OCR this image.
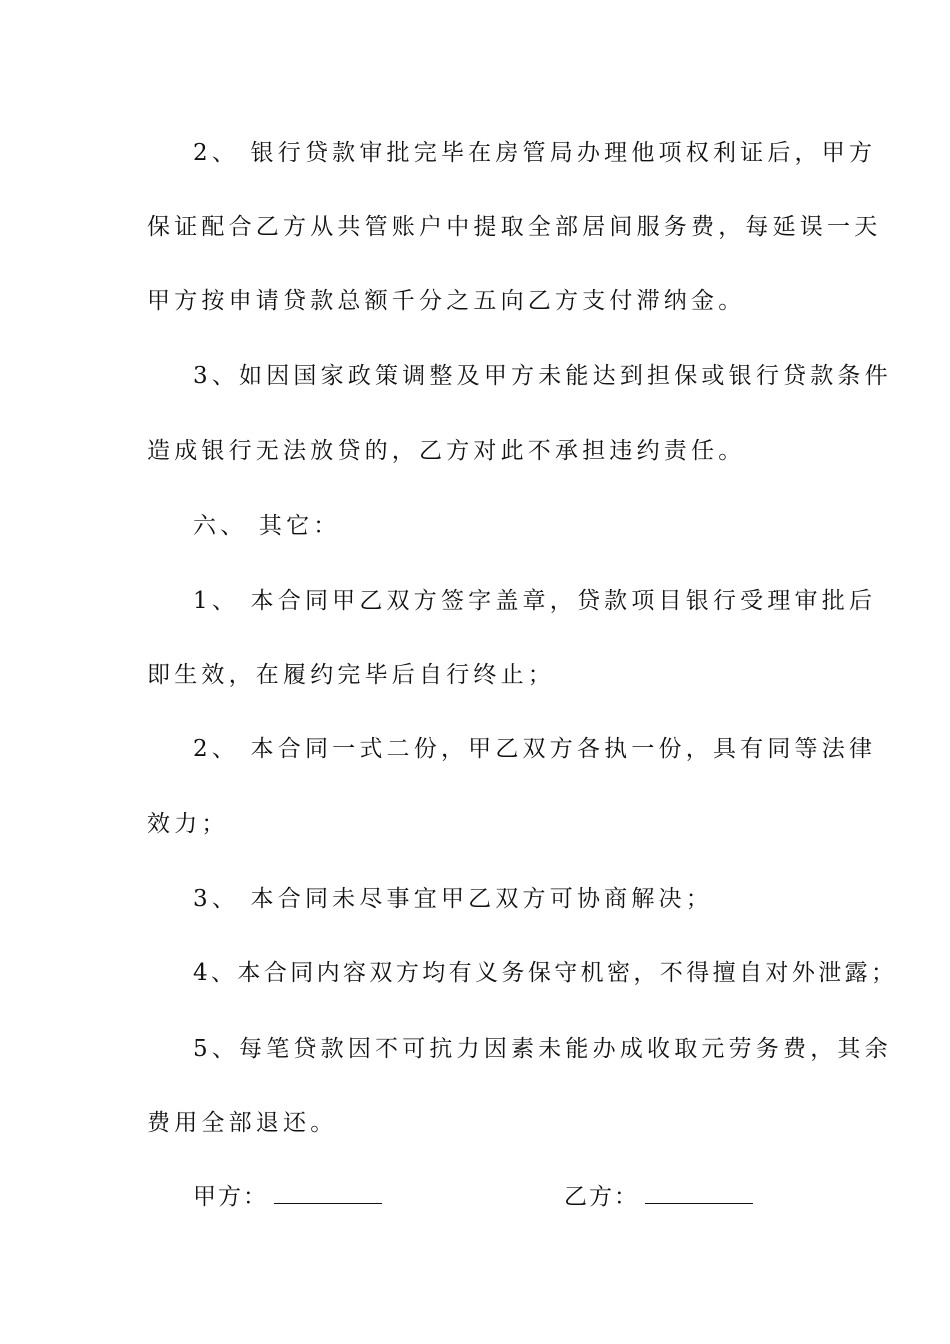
2、 银行贷款审批完毕在房管局办理他项权利证后，甲方
保证配合乙方从共管账户中提取全部居间服务费，每延误一天
甲方按申请贷款总额千分之五向乙方支付滞纳金。
3、如因国家政策调整及甲方未能达到担保或银行贷款条件
造成银行无法放贷的，乙方对此不承担违约责任。
六、 其它：
1、 本合同甲乙双方签字盖章，贷款项目银行受理审批后
即生效，在履约完毕后自行终止；
2、 本合同一式二份，甲乙双方各执一份，具有同等法律
效力；
3、 本合同未尽事宜甲乙双方可协商解决；
4、本合同内容双方均有义务保守机密，不得擅自对外泄露；
5、每笔贷款因不可抗力因素未能办成收取元劳务费，其余
费用全部退还。
甲方：	乙方：
